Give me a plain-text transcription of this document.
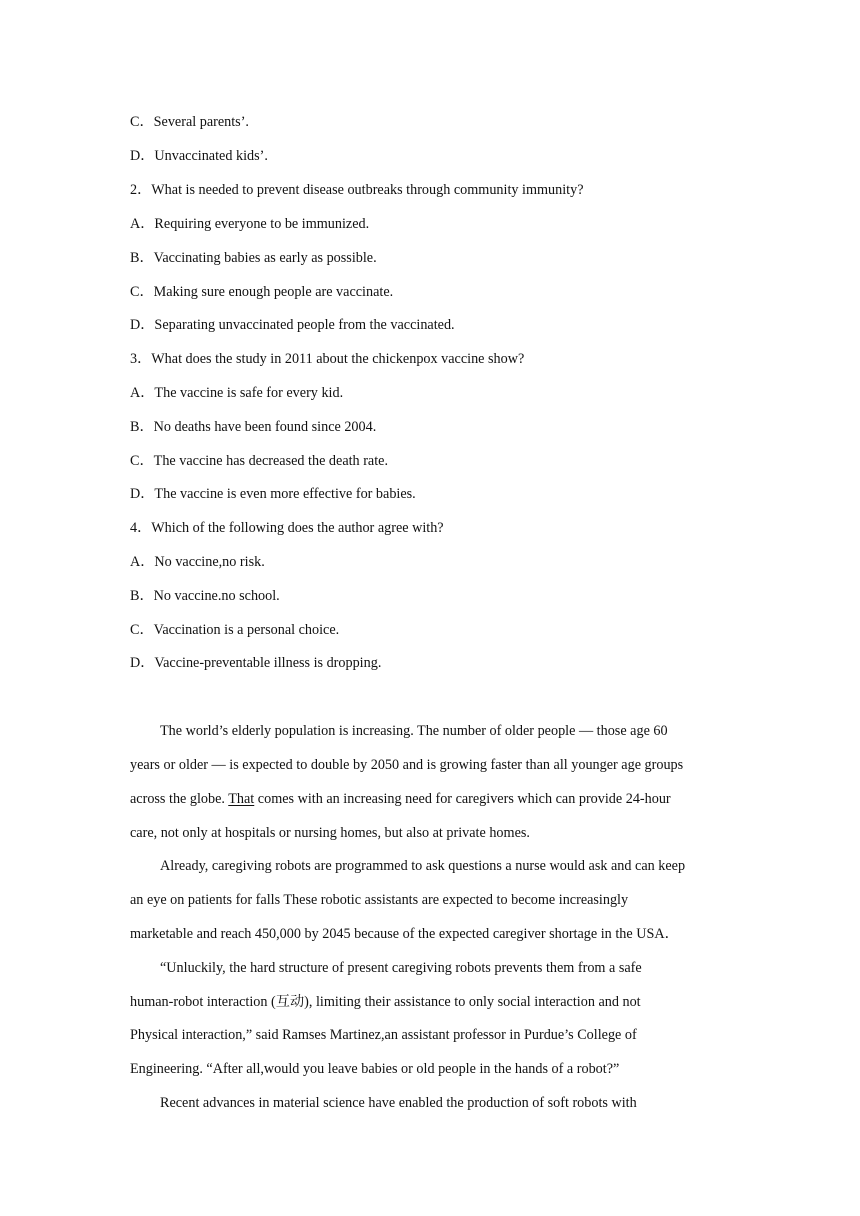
C．Several parents’.
D．Unvaccinated kids’.
2．What is needed to prevent disease outbreaks through community immunity?
A．Requiring everyone to be immunized.
B．Vaccinating babies as early as possible.
C．Making sure enough people are vaccinate.
D．Separating unvaccinated people from the vaccinated.
3．What does the study in 2011 about the chickenpox vaccine show?
A．The vaccine is safe for every kid.
B．No deaths have been found since 2004.
C．The vaccine has decreased the death rate.
D．The vaccine is even more effective for babies.
4．Which of the following does the author agree with?
A．No vaccine,no risk.
B．No vaccine.no school.
C．Vaccination is a personal choice.
D．Vaccine-preventable illness is dropping.
The world’s elderly population is increasing. The number of older people — those age 60
years or older — is expected to double by 2050 and is growing faster than all younger age groups
across the globe. That comes with an increasing need for caregivers which can provide 24-hour
care, not only at hospitals or nursing homes, but also at private homes.
Already, caregiving robots are programmed to ask questions a nurse would ask and can keep
an eye on patients for falls These robotic assistants are expected to become increasingly
marketable and reach 450,000 by 2045 because of the expected caregiver shortage in the USA．
“Unluckily, the hard structure of present caregiving robots prevents them from a safe
human-robot interaction (互动), limiting their assistance to only social interaction and not
Physical interaction,” said Ramses Martinez,an assistant professor in Purdue’s College of
Engineering. “After all,would you leave babies or old people in the hands of a robot?”
Recent advances in material science have enabled the production of soft robots with
